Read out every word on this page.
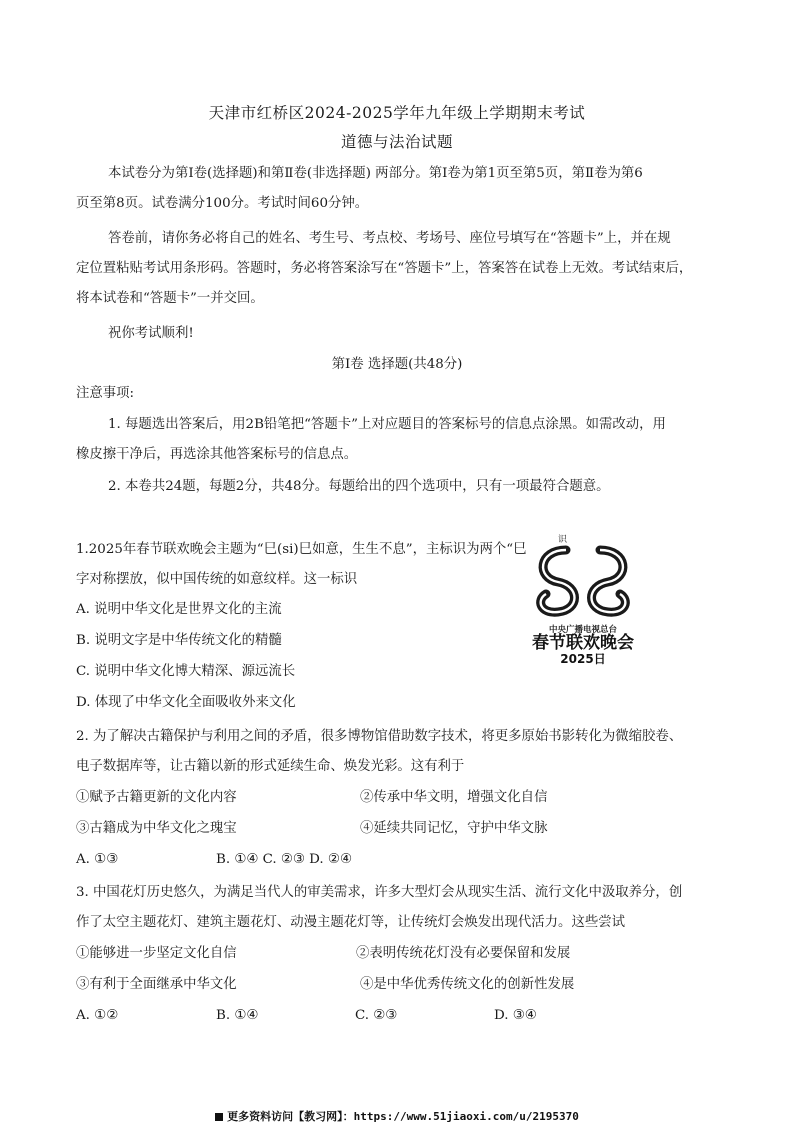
天津市红桥区2024-2025学年九年级上学期期末考试
道德与法治试题
本试卷分为第Ⅰ卷(选择题)和第Ⅱ卷(非选择题) 两部分。第Ⅰ卷为第1页至第5页，第Ⅱ卷为第6
页至第8页。试卷满分100分。考试时间60分钟。
答卷前，请你务必将自己的姓名、考生号、考点校、考场号、座位号填写在“答题卡”上，并在规
定位置粘贴考试用条形码。答题时，务必将答案涂写在“答题卡”上，答案答在试卷上无效。考试结束后，
将本试卷和“答题卡”一并交回。
祝你考试顺利!
第Ⅰ卷 选择题(共48分)
注意事项:
1. 每题选出答案后，用2B铅笔把“答题卡”上对应题目的答案标号的信息点涂黑。如需改动，用
橡皮擦干净后，再选涂其他答案标号的信息点。
2. 本卷共24题，每题2分，共48分。每题给出的四个选项中，只有一项最符合题意。
1.2025年春节联欢晚会主题为“巳(si)巳如意，生生不息”，主标识为两个“巳
字对称摆放，似中国传统的如意纹样。这一标识
A. 说明中华文化是世界文化的主流
B. 说明文字是中华传统文化的精髓
C. 说明中华文化博大精深、源远流长
D. 体现了中华文化全面吸收外来文化
识
中央广播电视总台
春节联欢晚会
2025日
2. 为了解决古籍保护与利用之间的矛盾，很多博物馆借助数字技术，将更多原始书影转化为微缩胶卷、
电子数据库等，让古籍以新的形式延续生命、焕发光彩。这有利于
①赋予古籍更新的文化内容	②传承中华文明，增强文化自信
③古籍成为中华文化之瑰宝	④延续共同记忆，守护中华文脉
A. ①③	B. ①④ C. ②③ D. ②④
3. 中国花灯历史悠久，为满足当代人的审美需求，许多大型灯会从现实生活、流行文化中汲取养分，创
作了太空主题花灯、建筑主题花灯、动漫主题花灯等，让传统灯会焕发出现代活力。这些尝试
①能够进一步坚定文化自信	②表明传统花灯没有必要保留和发展
③有利于全面继承中华文化	④是中华优秀传统文化的创新性发展
A. ①②	B. ①④	C. ②③	D. ③④
更多资料访问【教习网】：https://www.51jiaoxi.com/u/2195370
